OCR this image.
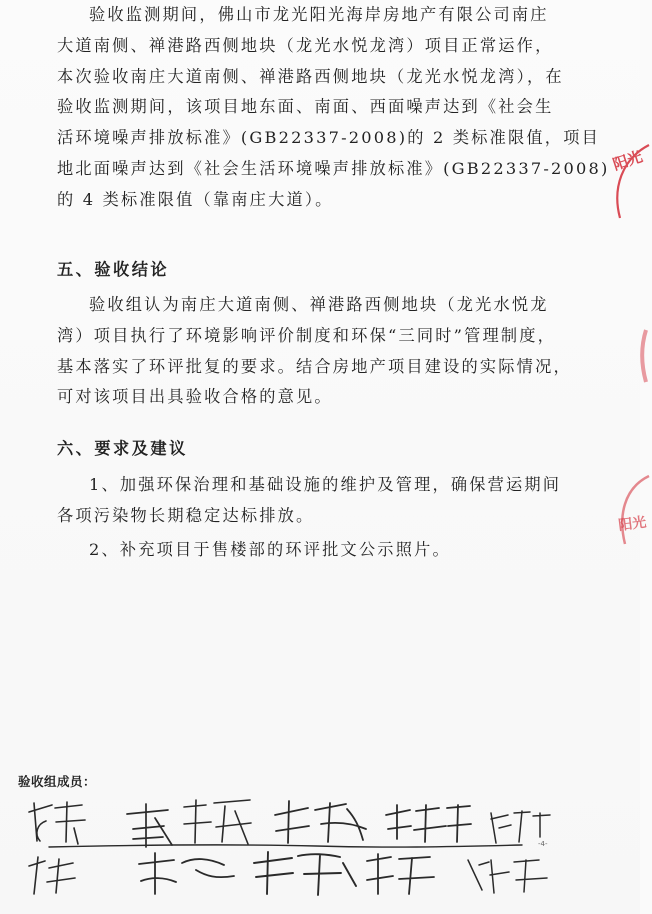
验收监测期间，佛山市龙光阳光海岸房地产有限公司南庄
大道南侧、禅港路西侧地块（龙光水悦龙湾）项目正常运作，
本次验收南庄大道南侧、禅港路西侧地块（龙光水悦龙湾），在
验收监测期间，该项目地东面、南面、西面噪声达到《社会生
活环境噪声排放标准》(GB22337-2008)的 2 类标准限值，项目
地北面噪声达到《社会生活环境噪声排放标准》(GB22337-2008)
的 4 类标准限值（靠南庄大道）。
五、验收结论
验收组认为南庄大道南侧、禅港路西侧地块（龙光水悦龙
湾）项目执行了环境影响评价制度和环保“三同时”管理制度，
基本落实了环评批复的要求。结合房地产项目建设的实际情况，
可对该项目出具验收合格的意见。
六、要求及建议
1、加强环保治理和基础设施的维护及管理，确保营运期间
各项污染物长期稳定达标排放。
2、补充项目于售楼部的环评批文公示照片。
阳光
阳光
验收组成员：
-4-
